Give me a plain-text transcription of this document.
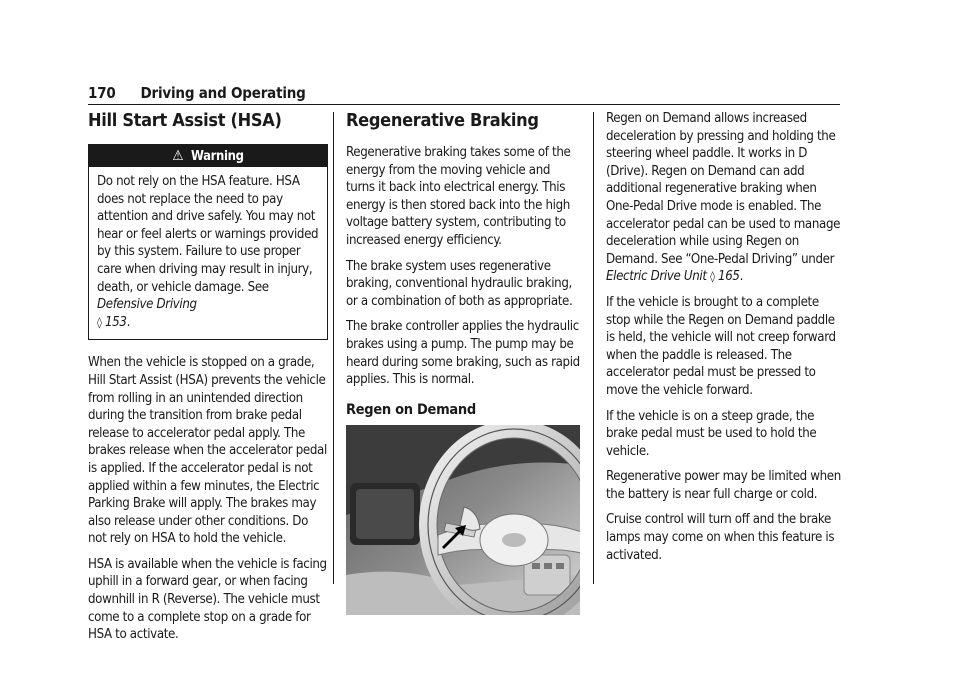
170 Driving and Operating
Hill Start Assist (HSA)
⚠ Warning
Do not rely on the HSA feature. HSA does not replace the need to pay attention and drive safely. You may not hear or feel alerts or warnings provided by this system. Failure to use proper care when driving may result in injury, death, or vehicle damage. See Defensive Driving
◊ 153.

When the vehicle is stopped on a grade, Hill Start Assist (HSA) prevents the vehicle from rolling in an unintended direction during the transition from brake pedal release to accelerator pedal apply. The brakes release when the accelerator pedal is applied. If the accelerator pedal is not applied within a few minutes, the Electric Parking Brake will apply. The brakes may also release under other conditions. Do not rely on HSA to hold the vehicle.

HSA is available when the vehicle is facing uphill in a forward gear, or when facing downhill in R (Reverse). The vehicle must come to a complete stop on a grade for HSA to activate.

Regenerative Braking

Regenerative braking takes some of the energy from the moving vehicle and turns it back into electrical energy. This energy is then stored back into the high voltage battery system, contributing to increased energy efficiency.

The brake system uses regenerative braking, conventional hydraulic braking, or a combination of both as appropriate.

The brake controller applies the hydraulic brakes using a pump. The pump may be heard during some braking, such as rapid applies. This is normal.

Regen on Demand

Regen on Demand allows increased deceleration by pressing and holding the steering wheel paddle. It works in D (Drive). Regen on Demand can add additional regenerative braking when One-Pedal Drive mode is enabled. The accelerator pedal can be used to manage deceleration while using Regen on Demand. See “One-Pedal Driving” under Electric Drive Unit ◊ 165.

If the vehicle is brought to a complete stop while the Regen on Demand paddle is held, the vehicle will not creep forward when the paddle is released. The accelerator pedal must be pressed to move the vehicle forward.

If the vehicle is on a steep grade, the brake pedal must be used to hold the vehicle.

Regenerative power may be limited when the battery is near full charge or cold.

Cruise control will turn off and the brake lamps may come on when this feature is activated.
